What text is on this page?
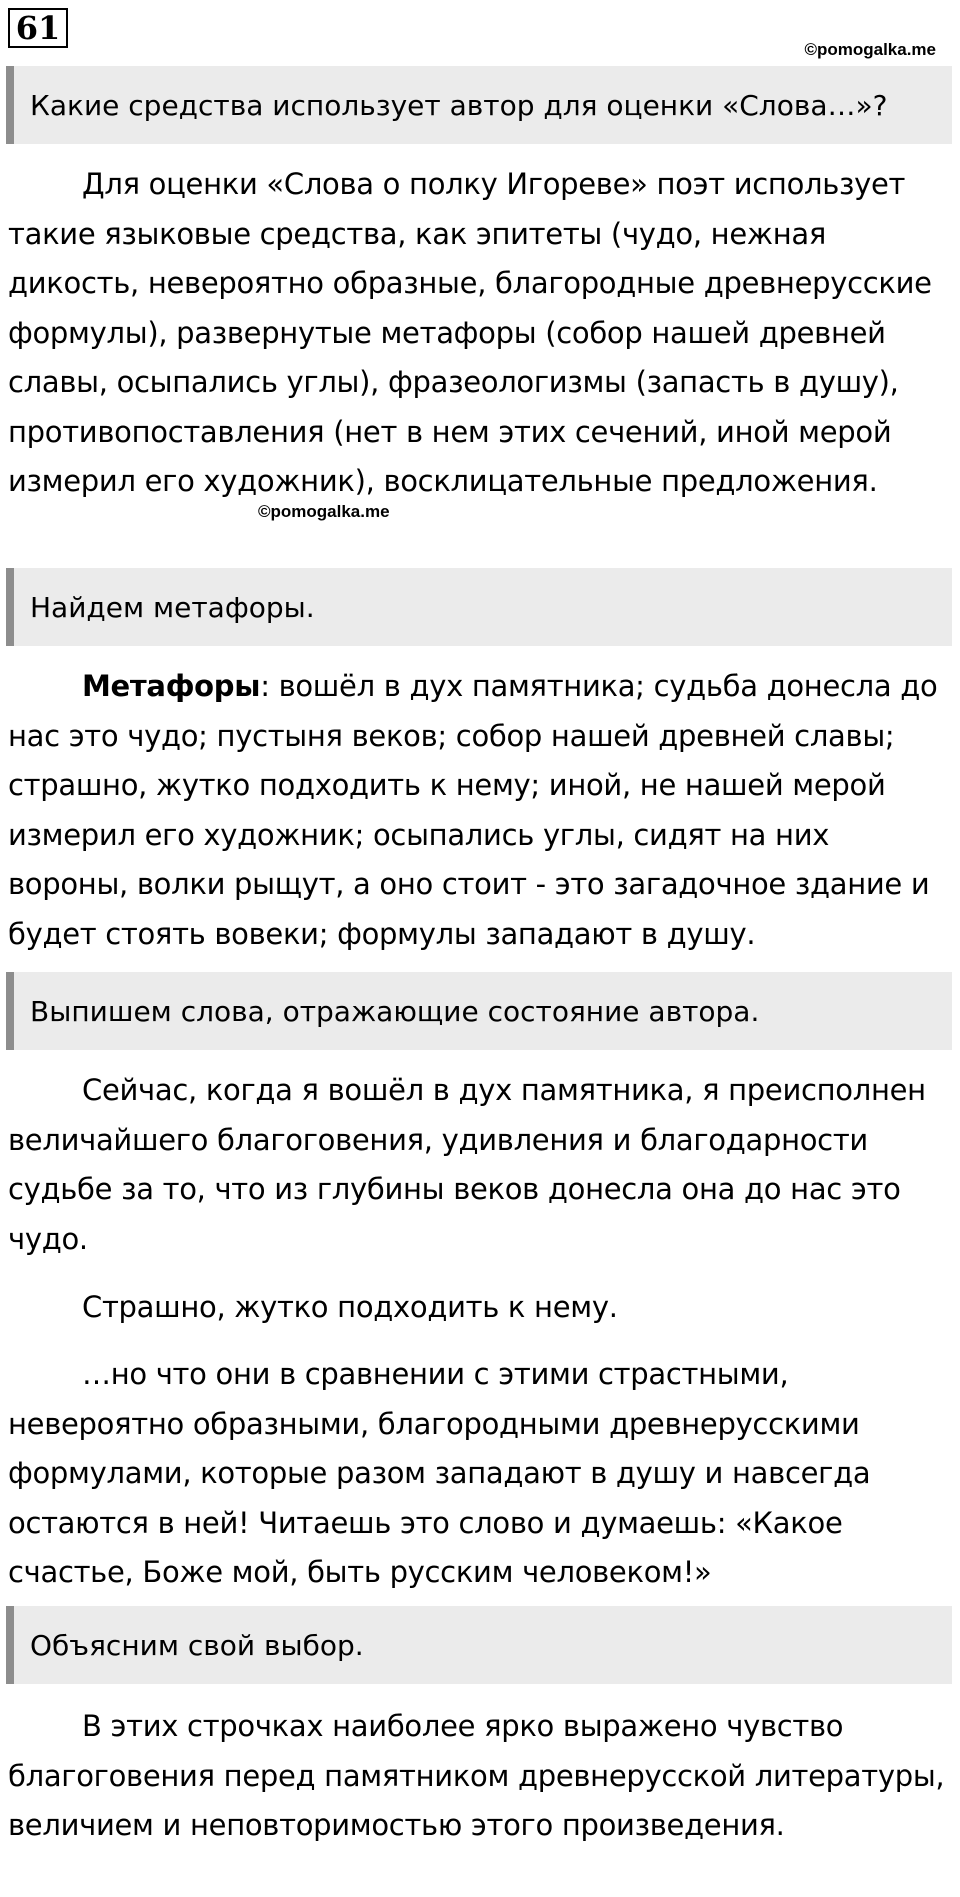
61
©pomogalka.me
Какие средства использует автор для оценки «Слова…»?

Для оценки «Слова о полку Игореве» поэт использует такие языковые средства, как эпитеты (чудо, нежная дикость, невероятно образные, благородные древнерусские формулы), развернутые метафоры (собор нашей древней славы, осыпались углы), фразеологизмы (запасть в душу), противопоставления (нет в нем этих сечений, иной мерой измерил его художник), восклицательные предложения.

©pomogalka.me
Найдем метафоры.

Метафоры: вошёл в дух памятника; судьба донесла до нас это чудо; пустыня веков; собор нашей древней славы; страшно, жутко подходить к нему; иной, не нашей мерой измерил его художник; осыпались углы, сидят на них вороны, волки рыщут, а оно стоит - это загадочное здание и будет стоять вовеки; формулы западают в душу.

Выпишем слова, отражающие состояние автора.

Сейчас, когда я вошёл в дух памятника, я преисполнен величайшего благоговения, удивления и благодарности судьбе за то, что из глубины веков донесла она до нас это чудо.

Страшно, жутко подходить к нему.

…но что они в сравнении с этими страстными, невероятно образными, благородными древнерусскими формулами, которые разом западают в душу и навсегда остаются в ней! Читаешь это слово и думаешь: «Какое счастье, Боже мой, быть русским человеком!»

Объясним свой выбор.

В этих строчках наиболее ярко выражено чувство благоговения перед памятником древнерусской литературы, величием и неповторимостью этого произведения.
